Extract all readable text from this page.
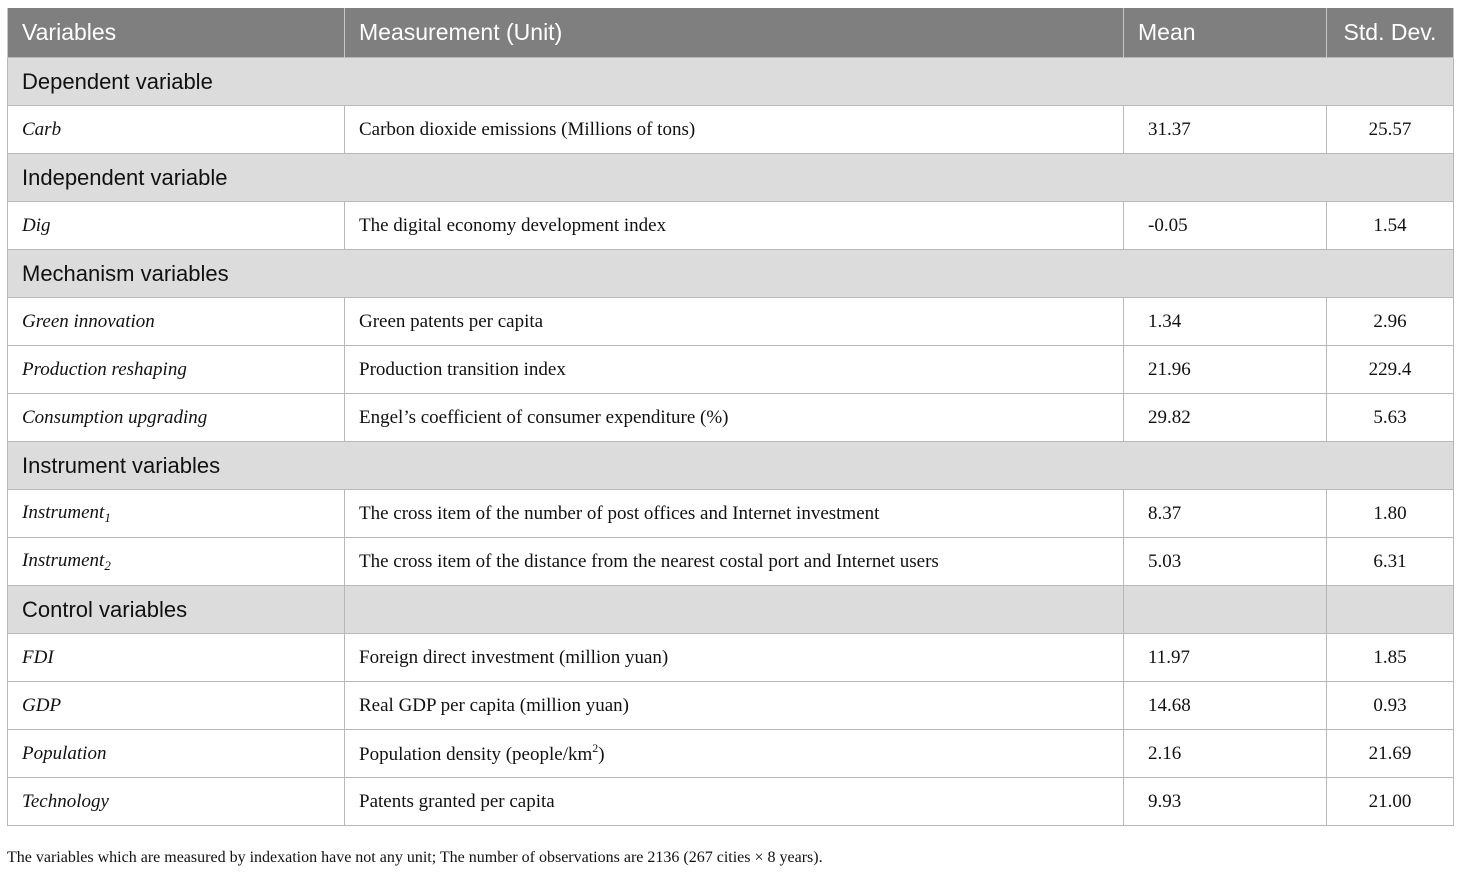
Variables	Measurement (Unit)	Mean	Std. Dev.
Dependent variable			
Carb	Carbon dioxide emissions (Millions of tons)	31.37	25.57
Independent variable			
Dig	The digital economy development index	-0.05	1.54
Mechanism variables			
Green innovation	Green patents per capita	1.34	2.96
Production reshaping	Production transition index	21.96	229.4
Consumption upgrading	Engel’s coefficient of consumer expenditure (%)	29.82	5.63
Instrument variables			
Instrument$_1$	The cross item of the number of post offices and Internet investment	8.37	1.80
Instrument$_2$	The cross item of the distance from the nearest costal port and Internet users	5.03	6.31
Control variables			
FDI	Foreign direct investment (million yuan)	11.97	1.85
GDP	Real GDP per capita (million yuan)	14.68	0.93
Population	Population density $(people/km^2)$	2.16	21.69
Technology	Patents granted per capita	9.93	21.00
The variables which are measured by indexation have not any unit; The number of observations are 2136 (267 cities × 8 years).
